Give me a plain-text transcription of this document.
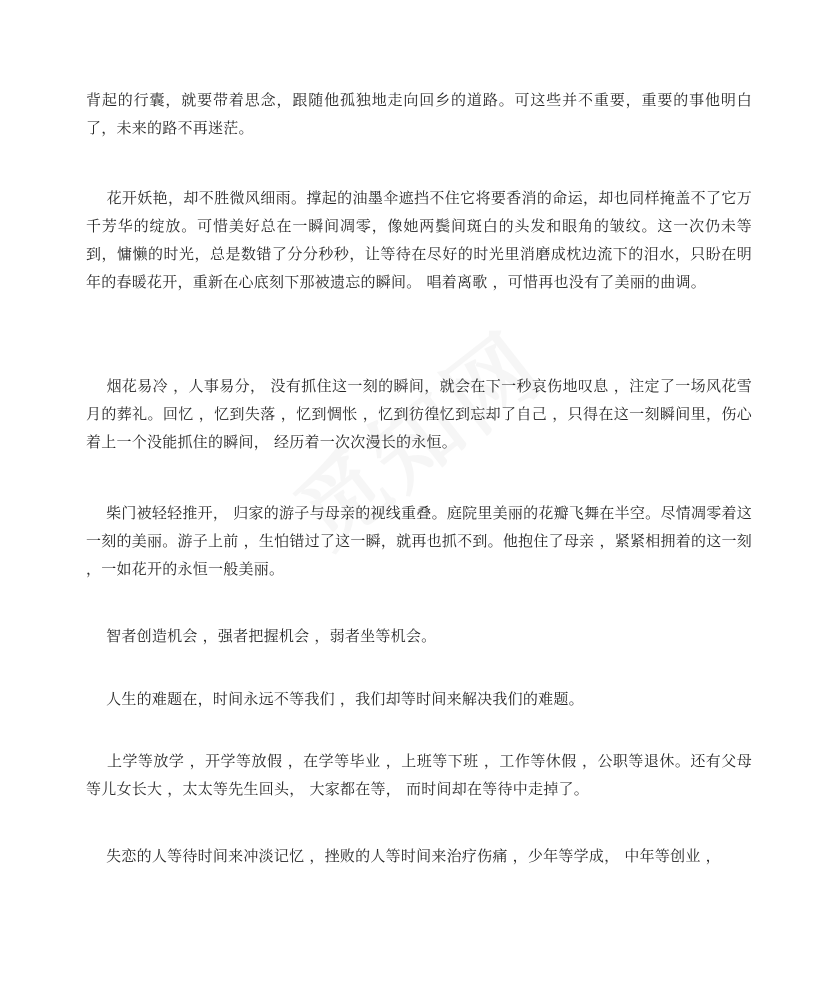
背起的行囊，就要带着思念，跟随他孤独地走向回乡的道路。可这些并不重要，重要的事他明白了，未来的路不再迷茫。

花开妖艳，却不胜微风细雨。撑起的油墨伞遮挡不住它将要香消的命运，却也同样掩盖不了它万千芳华的绽放。可惜美好总在一瞬间凋零，像她两鬓间斑白的头发和眼角的皱纹。这一次仍未等到，慵懒的时光，总是数错了分分秒秒，让等待在尽好的时光里消磨成枕边流下的泪水，只盼在明年的春暖花开，重新在心底刻下那被遗忘的瞬间。 唱着离歌 ，可惜再也没有了美丽的曲调。

烟花易冷 ，人事易分， 没有抓住这一刻的瞬间，就会在下一秒哀伤地叹息 ，注定了一场风花雪月的葬礼。回忆 ，忆到失落 ，忆到惆怅 ，忆到彷徨忆到忘却了自己 ，只得在这一刻瞬间里，伤心着上一个没能抓住的瞬间， 经历着一次次漫长的永恒。

柴门被轻轻推开， 归家的游子与母亲的视线重叠。庭院里美丽的花瓣飞舞在半空。尽情凋零着这一刻的美丽。游子上前 ，生怕错过了这一瞬，就再也抓不到。他抱住了母亲 ，紧紧相拥着的这一刻 ，一如花开的永恒一般美丽。

智者创造机会 ，强者把握机会 ，弱者坐等机会。

人生的难题在，时间永远不等我们 ，我们却等时间来解决我们的难题。

上学等放学 ，开学等放假 ，在学等毕业 ，上班等下班 ，工作等休假 ，公职等退休。还有父母等儿女长大 ，太太等先生回头， 大家都在等， 而时间却在等待中走掉了。

失恋的人等待时间来冲淡记忆 ，挫败的人等时间来治疗伤痛 ，少年等学成， 中年等创业 ，
